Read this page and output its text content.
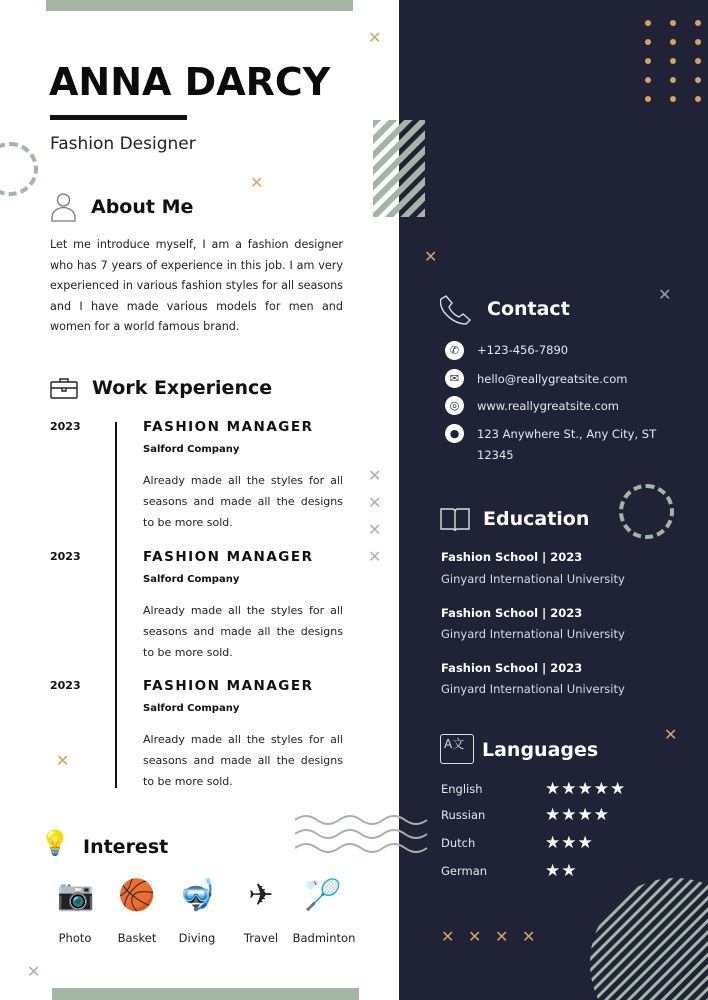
✕
✕
✕
✕
✕
✕
✕
✕
✕
✕
✕
✕ ✕ ✕ ✕
ANNA DARCY
Fashion Designer
About Me

Let me introduce myself, I am a fashion designer who has 7 years of experience in this job. I am very experienced in various fashion styles for all seasons and I have made various models for men and women for a world famous brand.

Work Experience
2023	FASHION MANAGER
Salford Company

Already made all the styles for all seasons and made all the designs to be more sold.

2023	FASHION MANAGER
Salford Company

Already made all the styles for all seasons and made all the designs to be more sold.

2023	FASHION MANAGER
Salford Company

Already made all the styles for all seasons and made all the designs to be more sold.

💡 Interest
📷 🏀 🤿	✈	🏸
Photo	Basket	Diving	Travel	Badminton
Contact
✆	+123-456-7890
✉	hello@reallygreatsite.com
◎	www.reallygreatsite.com
●	123 Anywhere St., Any City, ST 12345
Education
Fashion School | 2023
Ginyard International University
Fashion School | 2023
Ginyard International University
Fashion School | 2023
Ginyard International University
A文 Languages
English	★★★★★
Russian	★★★★
Dutch	★★★
German	★★
